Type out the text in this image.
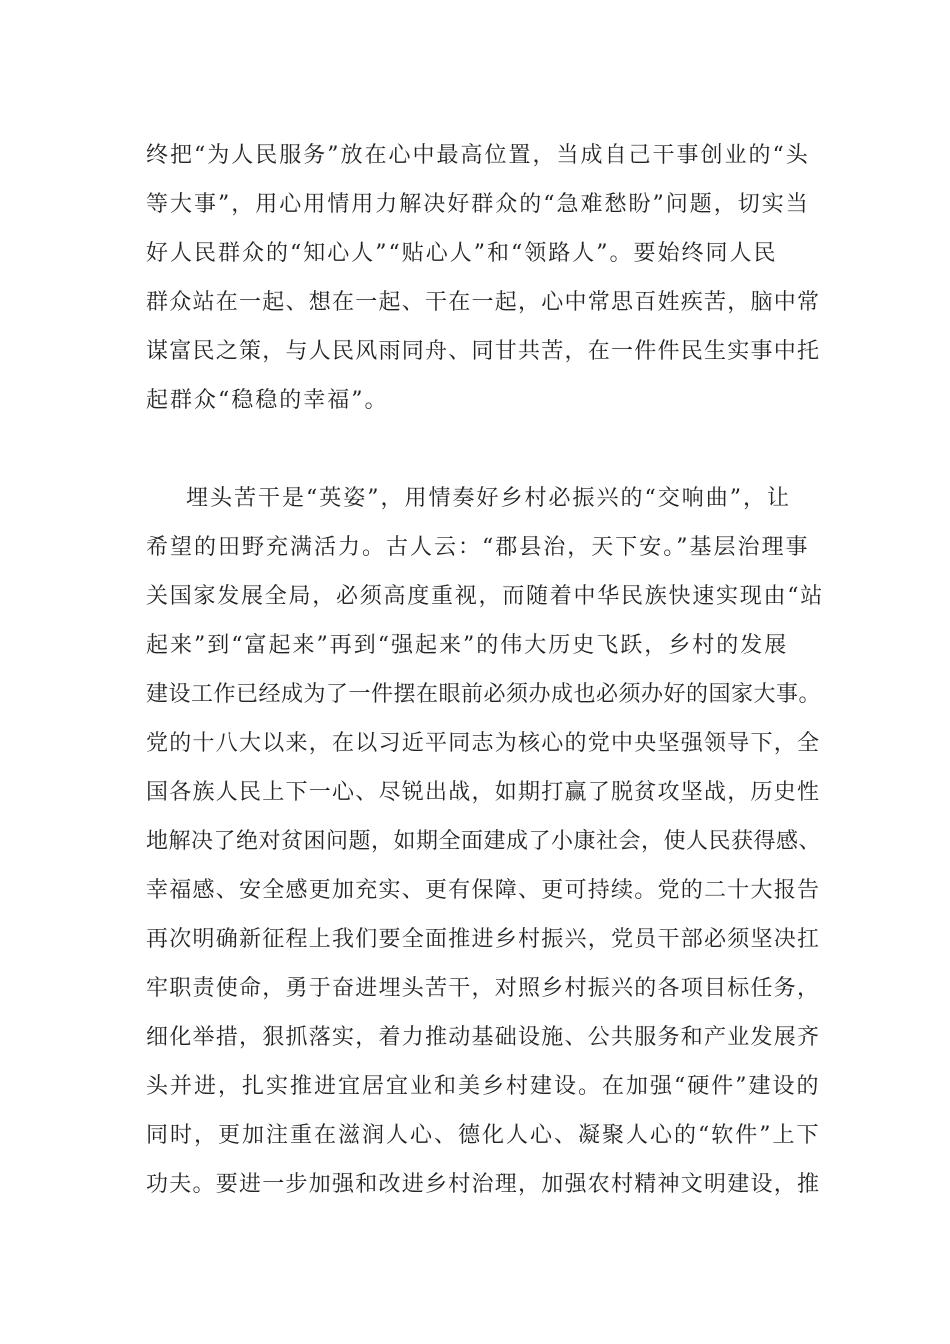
终把“为人民服务”放在心中最高位置，当成自己干事创业的“头
等大事”，用心用情用力解决好群众的“急难愁盼”问题，切实当
好人民群众的“知心人”“贴心人”和“领路人”。要始终同人民
群众站在一起、想在一起、干在一起，心中常思百姓疾苦，脑中常
谋富民之策，与人民风雨同舟、同甘共苦，在一件件民生实事中托
起群众“稳稳的幸福”。
埋头苦干是“英姿”，用情奏好乡村必振兴的“交响曲”，让
希望的田野充满活力。古人云：“郡县治，天下安。”基层治理事
关国家发展全局，必须高度重视，而随着中华民族快速实现由“站
起来”到“富起来”再到“强起来”的伟大历史飞跃，乡村的发展
建设工作已经成为了一件摆在眼前必须办成也必须办好的国家大事。
党的十八大以来，在以习近平同志为核心的党中央坚强领导下，全
国各族人民上下一心、尽锐出战，如期打赢了脱贫攻坚战，历史性
地解决了绝对贫困问题，如期全面建成了小康社会，使人民获得感、
幸福感、安全感更加充实、更有保障、更可持续。党的二十大报告
再次明确新征程上我们要全面推进乡村振兴，党员干部必须坚决扛
牢职责使命，勇于奋进埋头苦干，对照乡村振兴的各项目标任务，
细化举措，狠抓落实，着力推动基础设施、公共服务和产业发展齐
头并进，扎实推进宜居宜业和美乡村建设。在加强“硬件”建设的
同时，更加注重在滋润人心、德化人心、凝聚人心的“软件”上下
功夫。要进一步加强和改进乡村治理，加强农村精神文明建设，推
